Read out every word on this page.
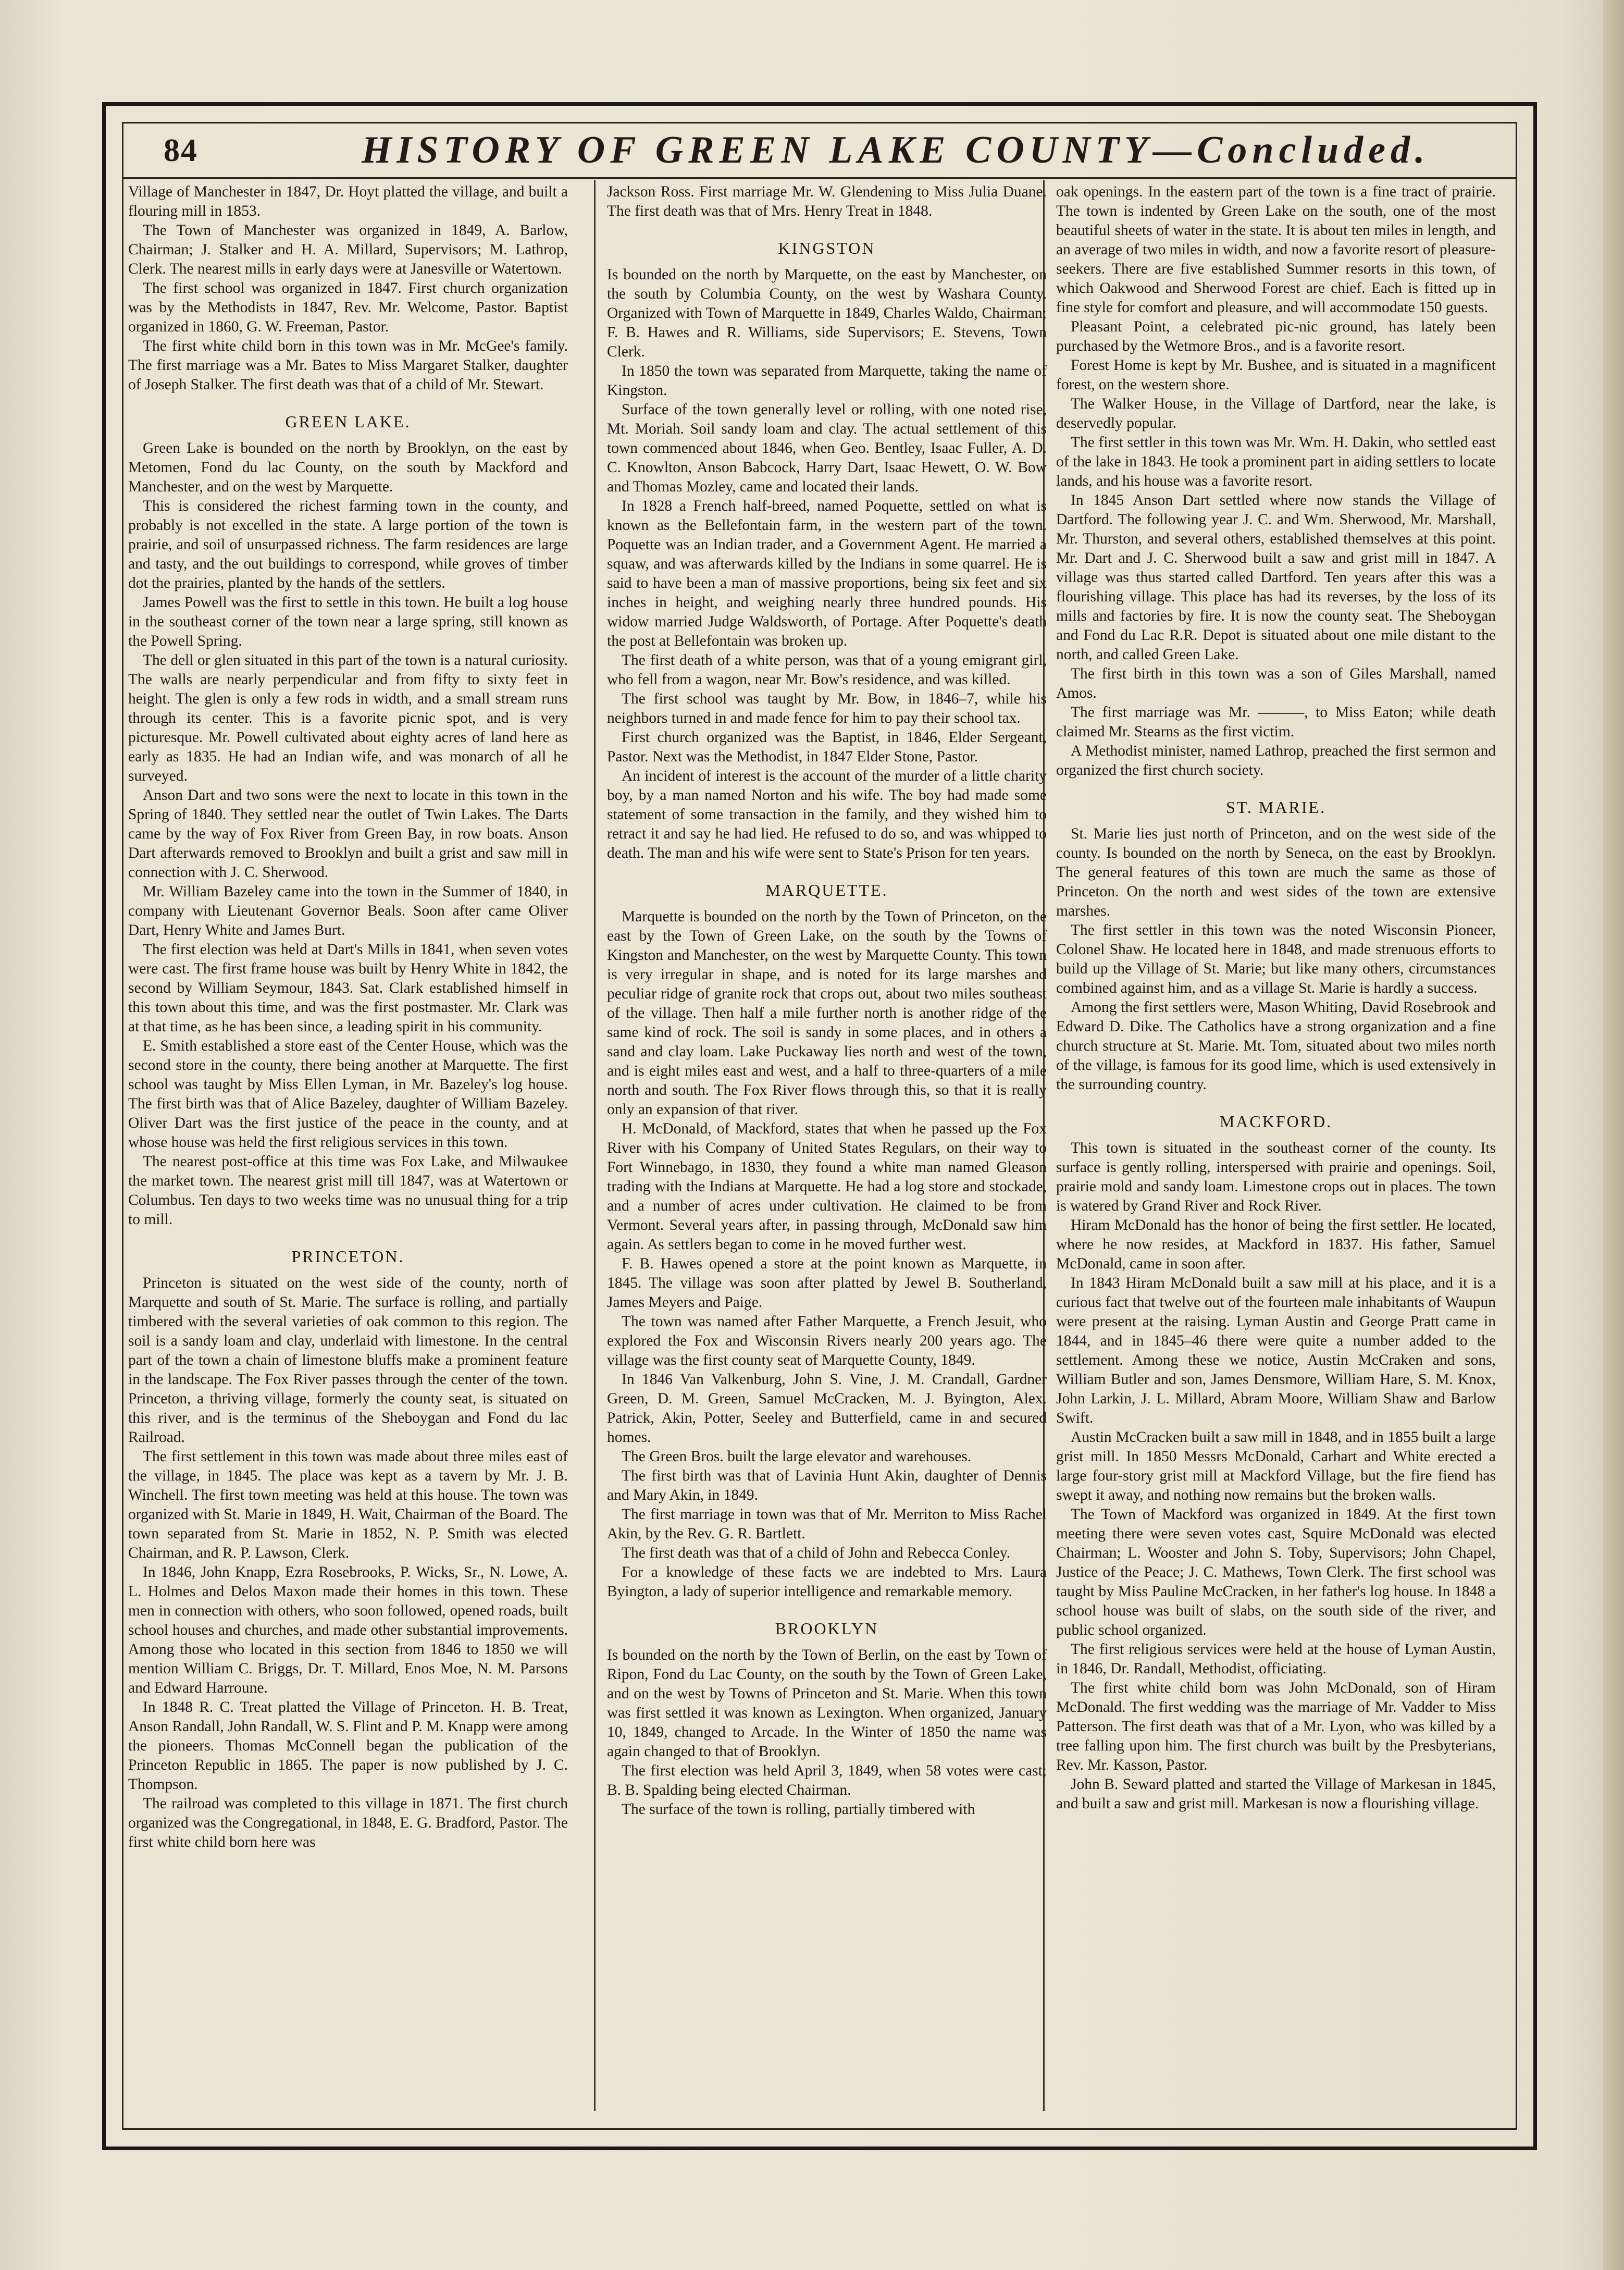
84	HISTORY OF GREEN LAKE COUNTY—Concluded.

Village of Manchester in 1847, Dr. Hoyt platted the village, and built a flouring mill in 1853.

The Town of Manchester was organized in 1849, A. Barlow, Chairman; J. Stalker and H. A. Millard, Supervisors; M. Lathrop, Clerk. The nearest mills in early days were at Janesville or Watertown.

The first school was organized in 1847. First church organization was by the Methodists in 1847, Rev. Mr. Welcome, Pastor. Baptist organized in 1860, G. W. Freeman, Pastor.

The first white child born in this town was in Mr. McGee's family. The first marriage was a Mr. Bates to Miss Margaret Stalker, daughter of Joseph Stalker. The first death was that of a child of Mr. Stewart.

GREEN LAKE.

Green Lake is bounded on the north by Brooklyn, on the east by Metomen, Fond du lac County, on the south by Mackford and Manchester, and on the west by Marquette.

This is considered the richest farming town in the county, and probably is not excelled in the state. A large portion of the town is prairie, and soil of unsurpassed richness. The farm residences are large and tasty, and the out buildings to correspond, while groves of timber dot the prairies, planted by the hands of the settlers.

James Powell was the first to settle in this town. He built a log house in the southeast corner of the town near a large spring, still known as the Powell Spring.

The dell or glen situated in this part of the town is a natural curiosity. The walls are nearly perpendicular and from fifty to sixty feet in height. The glen is only a few rods in width, and a small stream runs through its center. This is a favorite picnic spot, and is very picturesque. Mr. Powell cultivated about eighty acres of land here as early as 1835. He had an Indian wife, and was monarch of all he surveyed.

Anson Dart and two sons were the next to locate in this town in the Spring of 1840. They settled near the outlet of Twin Lakes. The Darts came by the way of Fox River from Green Bay, in row boats. Anson Dart afterwards removed to Brooklyn and built a grist and saw mill in connection with J. C. Sherwood.

Mr. William Bazeley came into the town in the Summer of 1840, in company with Lieutenant Governor Beals. Soon after came Oliver Dart, Henry White and James Burt.

The first election was held at Dart's Mills in 1841, when seven votes were cast. The first frame house was built by Henry White in 1842, the second by William Seymour, 1843. Sat. Clark established himself in this town about this time, and was the first postmaster. Mr. Clark was at that time, as he has been since, a leading spirit in his community.

E. Smith established a store east of the Center House, which was the second store in the county, there being another at Marquette. The first school was taught by Miss Ellen Lyman, in Mr. Bazeley's log house. The first birth was that of Alice Bazeley, daughter of William Bazeley. Oliver Dart was the first justice of the peace in the county, and at whose house was held the first religious services in this town.

The nearest post-office at this time was Fox Lake, and Milwaukee the market town. The nearest grist mill till 1847, was at Watertown or Columbus. Ten days to two weeks time was no unusual thing for a trip to mill.

PRINCETON.

Princeton is situated on the west side of the county, north of Marquette and south of St. Marie. The surface is rolling, and partially timbered with the several varieties of oak common to this region. The soil is a sandy loam and clay, underlaid with limestone. In the central part of the town a chain of limestone bluffs make a prominent feature in the landscape. The Fox River passes through the center of the town. Princeton, a thriving village, formerly the county seat, is situated on this river, and is the terminus of the Sheboygan and Fond du lac Railroad.

The first settlement in this town was made about three miles east of the village, in 1845. The place was kept as a tavern by Mr. J. B. Winchell. The first town meeting was held at this house. The town was organized with St. Marie in 1849, H. Wait, Chairman of the Board. The town separated from St. Marie in 1852, N. P. Smith was elected Chairman, and R. P. Lawson, Clerk.

In 1846, John Knapp, Ezra Rosebrooks, P. Wicks, Sr., N. Lowe, A. L. Holmes and Delos Maxon made their homes in this town. These men in connection with others, who soon followed, opened roads, built school houses and churches, and made other substantial improvements. Among those who located in this section from 1846 to 1850 we will mention William C. Briggs, Dr. T. Millard, Enos Moe, N. M. Parsons and Edward Harroune.

In 1848 R. C. Treat platted the Village of Princeton. H. B. Treat, Anson Randall, John Randall, W. S. Flint and P. M. Knapp were among the pioneers. Thomas McConnell began the publication of the Princeton Republic in 1865. The paper is now published by J. C. Thompson.

The railroad was completed to this village in 1871. The first church organized was the Congregational, in 1848, E. G. Bradford, Pastor. The first white child born here was

Jackson Ross. First marriage Mr. W. Glendening to Miss Julia Duane. The first death was that of Mrs. Henry Treat in 1848.

KINGSTON

Is bounded on the north by Marquette, on the east by Manchester, on the south by Columbia County, on the west by Washara County. Organized with Town of Marquette in 1849, Charles Waldo, Chairman; F. B. Hawes and R. Williams, side Supervisors; E. Stevens, Town Clerk.

In 1850 the town was separated from Marquette, taking the name of Kingston.

Surface of the town generally level or rolling, with one noted rise, Mt. Moriah. Soil sandy loam and clay. The actual settlement of this town commenced about 1846, when Geo. Bentley, Isaac Fuller, A. D. C. Knowlton, Anson Babcock, Harry Dart, Isaac Hewett, O. W. Bow and Thomas Mozley, came and located their lands.

In 1828 a French half-breed, named Poquette, settled on what is known as the Bellefontain farm, in the western part of the town. Poquette was an Indian trader, and a Government Agent. He married a squaw, and was afterwards killed by the Indians in some quarrel. He is said to have been a man of massive proportions, being six feet and six inches in height, and weighing nearly three hundred pounds. His widow married Judge Waldsworth, of Portage. After Poquette's death the post at Bellefontain was broken up.

The first death of a white person, was that of a young emigrant girl, who fell from a wagon, near Mr. Bow's residence, and was killed.

The first school was taught by Mr. Bow, in 1846–7, while his neighbors turned in and made fence for him to pay their school tax.

First church organized was the Baptist, in 1846, Elder Sergeant, Pastor. Next was the Methodist, in 1847 Elder Stone, Pastor.

An incident of interest is the account of the murder of a little charity boy, by a man named Norton and his wife. The boy had made some statement of some transaction in the family, and they wished him to retract it and say he had lied. He refused to do so, and was whipped to death. The man and his wife were sent to State's Prison for ten years.

MARQUETTE.

Marquette is bounded on the north by the Town of Princeton, on the east by the Town of Green Lake, on the south by the Towns of Kingston and Manchester, on the west by Marquette County. This town is very irregular in shape, and is noted for its large marshes and peculiar ridge of granite rock that crops out, about two miles southeast of the village. Then half a mile further north is another ridge of the same kind of rock. The soil is sandy in some places, and in others a sand and clay loam. Lake Puckaway lies north and west of the town, and is eight miles east and west, and a half to three-quarters of a mile north and south. The Fox River flows through this, so that it is really only an expansion of that river.

H. McDonald, of Mackford, states that when he passed up the Fox River with his Company of United States Regulars, on their way to Fort Winnebago, in 1830, they found a white man named Gleason trading with the Indians at Marquette. He had a log store and stockade, and a number of acres under cultivation. He claimed to be from Vermont. Several years after, in passing through, McDonald saw him again. As settlers began to come in he moved further west.

F. B. Hawes opened a store at the point known as Marquette, in 1845. The village was soon after platted by Jewel B. Southerland, James Meyers and Paige.

The town was named after Father Marquette, a French Jesuit, who explored the Fox and Wisconsin Rivers nearly 200 years ago. The village was the first county seat of Marquette County, 1849.

In 1846 Van Valkenburg, John S. Vine, J. M. Crandall, Gardner Green, D. M. Green, Samuel McCracken, M. J. Byington, Alex. Patrick, Akin, Potter, Seeley and Butterfield, came in and secured homes.

The Green Bros. built the large elevator and warehouses.

The first birth was that of Lavinia Hunt Akin, daughter of Dennis and Mary Akin, in 1849.

The first marriage in town was that of Mr. Merriton to Miss Rachel Akin, by the Rev. G. R. Bartlett.

The first death was that of a child of John and Rebecca Conley.

For a knowledge of these facts we are indebted to Mrs. Laura Byington, a lady of superior intelligence and remarkable memory.

BROOKLYN

Is bounded on the north by the Town of Berlin, on the east by Town of Ripon, Fond du Lac County, on the south by the Town of Green Lake, and on the west by Towns of Princeton and St. Marie. When this town was first settled it was known as Lexington. When organized, January 10, 1849, changed to Arcade. In the Winter of 1850 the name was again changed to that of Brooklyn.

The first election was held April 3, 1849, when 58 votes were cast; B. B. Spalding being elected Chairman.

The surface of the town is rolling, partially timbered with

oak openings. In the eastern part of the town is a fine tract of prairie. The town is indented by Green Lake on the south, one of the most beautiful sheets of water in the state. It is about ten miles in length, and an average of two miles in width, and now a favorite resort of pleasure-seekers. There are five established Summer resorts in this town, of which Oakwood and Sherwood Forest are chief. Each is fitted up in fine style for comfort and pleasure, and will accommodate 150 guests.

Pleasant Point, a celebrated pic-nic ground, has lately been purchased by the Wetmore Bros., and is a favorite resort.

Forest Home is kept by Mr. Bushee, and is situated in a magnificent forest, on the western shore.

The Walker House, in the Village of Dartford, near the lake, is deservedly popular.

The first settler in this town was Mr. Wm. H. Dakin, who settled east of the lake in 1843. He took a prominent part in aiding settlers to locate lands, and his house was a favorite resort.

In 1845 Anson Dart settled where now stands the Village of Dartford. The following year J. C. and Wm. Sherwood, Mr. Marshall, Mr. Thurston, and several others, established themselves at this point. Mr. Dart and J. C. Sherwood built a saw and grist mill in 1847. A village was thus started called Dartford. Ten years after this was a flourishing village. This place has had its reverses, by the loss of its mills and factories by fire. It is now the county seat. The Sheboygan and Fond du Lac R.R. Depot is situated about one mile distant to the north, and called Green Lake.

The first birth in this town was a son of Giles Marshall, named Amos.

The first marriage was Mr. ———, to Miss Eaton; while death claimed Mr. Stearns as the first victim.

A Methodist minister, named Lathrop, preached the first sermon and organized the first church society.

ST. MARIE.

St. Marie lies just north of Princeton, and on the west side of the county. Is bounded on the north by Seneca, on the east by Brooklyn. The general features of this town are much the same as those of Princeton. On the north and west sides of the town are extensive marshes.

The first settler in this town was the noted Wisconsin Pioneer, Colonel Shaw. He located here in 1848, and made strenuous efforts to build up the Village of St. Marie; but like many others, circumstances combined against him, and as a village St. Marie is hardly a success.

Among the first settlers were, Mason Whiting, David Rosebrook and Edward D. Dike. The Catholics have a strong organization and a fine church structure at St. Marie. Mt. Tom, situated about two miles north of the village, is famous for its good lime, which is used extensively in the surrounding country.

MACKFORD.

This town is situated in the southeast corner of the county. Its surface is gently rolling, interspersed with prairie and openings. Soil, prairie mold and sandy loam. Limestone crops out in places. The town is watered by Grand River and Rock River.

Hiram McDonald has the honor of being the first settler. He located, where he now resides, at Mackford in 1837. His father, Samuel McDonald, came in soon after.

In 1843 Hiram McDonald built a saw mill at his place, and it is a curious fact that twelve out of the fourteen male inhabitants of Waupun were present at the raising. Lyman Austin and George Pratt came in 1844, and in 1845–46 there were quite a number added to the settlement. Among these we notice, Austin McCraken and sons, William Butler and son, James Densmore, William Hare, S. M. Knox, John Larkin, J. L. Millard, Abram Moore, William Shaw and Barlow Swift.

Austin McCracken built a saw mill in 1848, and in 1855 built a large grist mill. In 1850 Messrs McDonald, Carhart and White erected a large four-story grist mill at Mackford Village, but the fire fiend has swept it away, and nothing now remains but the broken walls.

The Town of Mackford was organized in 1849. At the first town meeting there were seven votes cast, Squire McDonald was elected Chairman; L. Wooster and John S. Toby, Supervisors; John Chapel, Justice of the Peace; J. C. Mathews, Town Clerk. The first school was taught by Miss Pauline McCracken, in her father's log house. In 1848 a school house was built of slabs, on the south side of the river, and public school organized.

The first religious services were held at the house of Lyman Austin, in 1846, Dr. Randall, Methodist, officiating.

The first white child born was John McDonald, son of Hiram McDonald. The first wedding was the marriage of Mr. Vadder to Miss Patterson. The first death was that of a Mr. Lyon, who was killed by a tree falling upon him. The first church was built by the Presbyterians, Rev. Mr. Kasson, Pastor.

John B. Seward platted and started the Village of Markesan in 1845, and built a saw and grist mill. Markesan is now a flourishing village.
